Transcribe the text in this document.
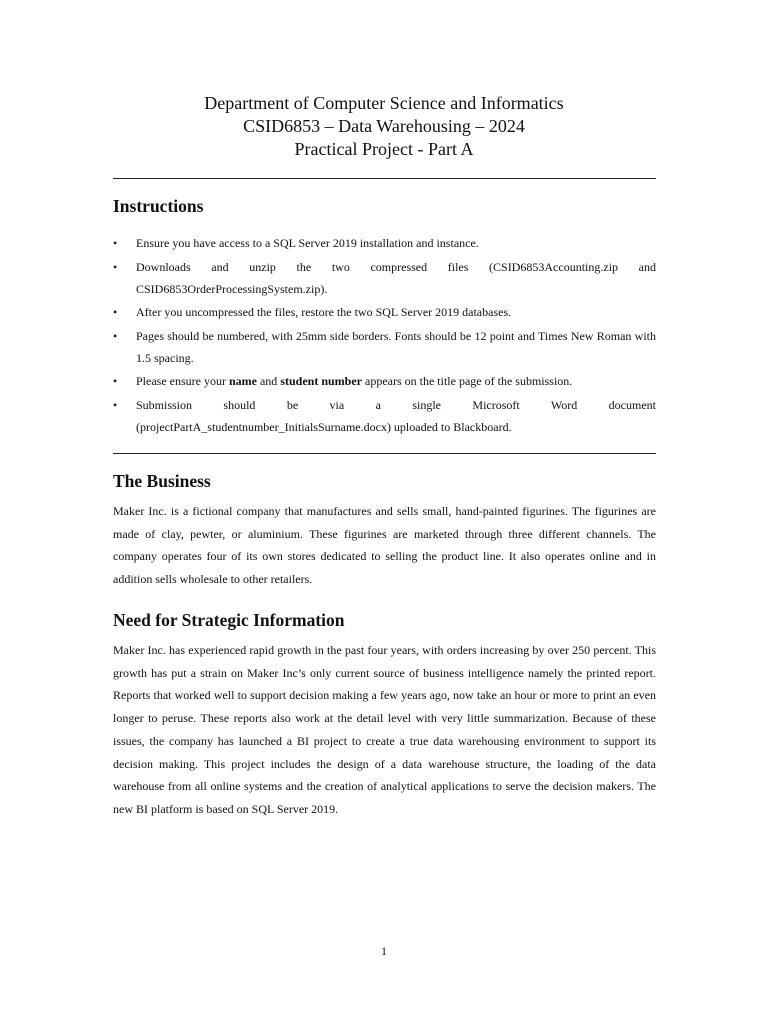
Department of Computer Science and Informatics
CSID6853 – Data Warehousing – 2024
Practical Project - Part A
Instructions
• Ensure you have access to a SQL Server 2019 installation and instance.
• Downloads and unzip the two compressed files (CSID6853Accounting.zip and CSID6853OrderProcessingSystem.zip).
• After you uncompressed the files, restore the two SQL Server 2019 databases.
• Pages should be numbered, with 25mm side borders. Fonts should be 12 point and Times New Roman with 1.5 spacing.
• Please ensure your name and student number appears on the title page of the submission.
• Submission should be via a single Microsoft Word document (projectPartA_studentnumber_InitialsSurname.docx) uploaded to Blackboard.
The Business

Maker Inc. is a fictional company that manufactures and sells small, hand-painted figurines. The figurines are made of clay, pewter, or aluminium. These figurines are marketed through three different channels. The company operates four of its own stores dedicated to selling the product line. It also operates online and in addition sells wholesale to other retailers.

Need for Strategic Information

Maker Inc. has experienced rapid growth in the past four years, with orders increasing by over 250 percent. This growth has put a strain on Maker Inc’s only current source of business intelligence namely the printed report. Reports that worked well to support decision making a few years ago, now take an hour or more to print an even longer to peruse. These reports also work at the detail level with very little summarization. Because of these issues, the company has launched a BI project to create a true data warehousing environment to support its decision making. This project includes the design of a data warehouse structure, the loading of the data warehouse from all online systems and the creation of analytical applications to serve the decision makers. The new BI platform is based on SQL Server 2019.

1
